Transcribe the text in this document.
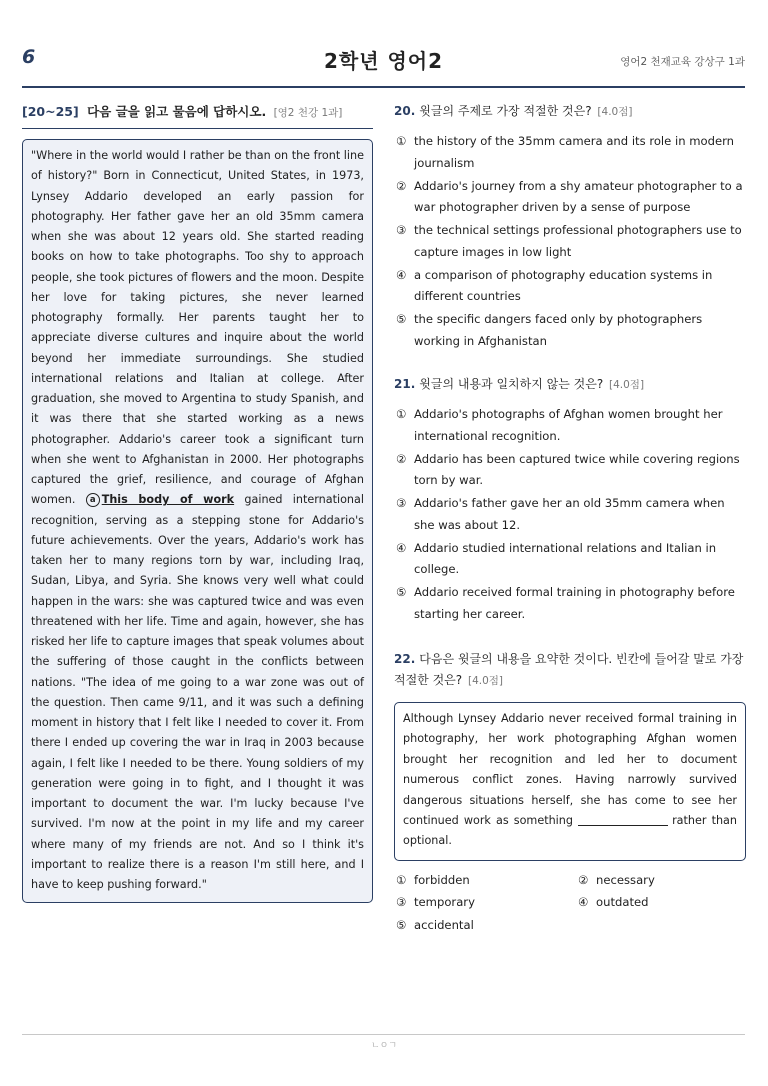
6	2학년 영어2	영어2 천재교육 강상구 1과
[20~25] 다음 글을 읽고 물음에 답하시오. [영2 천강 1과]
"Where in the world would I rather be than on the front line of history?" Born in Connecticut, United States, in 1973, Lynsey Addario developed an early passion for photography. Her father gave her an old 35mm camera when she was about 12 years old. She started reading books on how to take photographs. Too shy to approach people, she took pictures of flowers and the moon. Despite her love for taking pictures, she never learned photography formally. Her parents taught her to appreciate diverse cultures and inquire about the world beyond her immediate surroundings. She studied international relations and Italian at college. After graduation, she moved to Argentina to study Spanish, and it was there that she started working as a news photographer. Addario's career took a significant turn when she went to Afghanistan in 2000. Her photographs captured the grief, resilience, and courage of Afghan women. a This body of work gained international recognition, serving as a stepping stone for Addario's future achievements. Over the years, Addario's work has taken her to many regions torn by war, including Iraq, Sudan, Libya, and Syria. She knows very well what could happen in the wars: she was captured twice and was even threatened with her life. Time and again, however, she has risked her life to capture images that speak volumes about the suffering of those caught in the conflicts between nations. "The idea of me going to a war zone was out of the question. Then came 9/11, and it was such a defining moment in history that I felt like I needed to cover it. From there I ended up covering the war in Iraq in 2003 because again, I felt like I needed to be there. Young soldiers of my generation were going in to fight, and I thought it was important to document the war. I'm lucky because I've survived. I'm now at the point in my life and my career where many of my friends are not. And so I think it's important to realize there is a reason I'm still here, and I have to keep pushing forward."
20. 윗글의 주제로 가장 적절한 것은? [4.0점]
① the history of the 35mm camera and its role in modern journalism
② Addario's journey from a shy amateur photographer to a war photographer driven by a sense of purpose
③ the technical settings professional photographers use to capture images in low light
④ a comparison of photography education systems in different countries
⑤ the specific dangers faced only by photographers working in Afghanistan
21. 윗글의 내용과 일치하지 않는 것은? [4.0점]
① Addario's photographs of Afghan women brought her international recognition.
② Addario has been captured twice while covering regions torn by war.
③ Addario's father gave her an old 35mm camera when she was about 12.
④ Addario studied international relations and Italian in college.
⑤ Addario received formal training in photography before starting her career.
22. 다음은 윗글의 내용을 요약한 것이다. 빈칸에 들어갈 말로 가장 적절한 것은? [4.0점]
Although Lynsey Addario never received formal training in photography, her work photographing Afghan women brought her recognition and led her to document numerous conflict zones. Having narrowly survived dangerous situations herself, she has come to see her continued work as something	rather than optional.
① forbidden	② necessary
③ temporary	④ outdated
⑤ accidental
ㄴㅇㄱ
